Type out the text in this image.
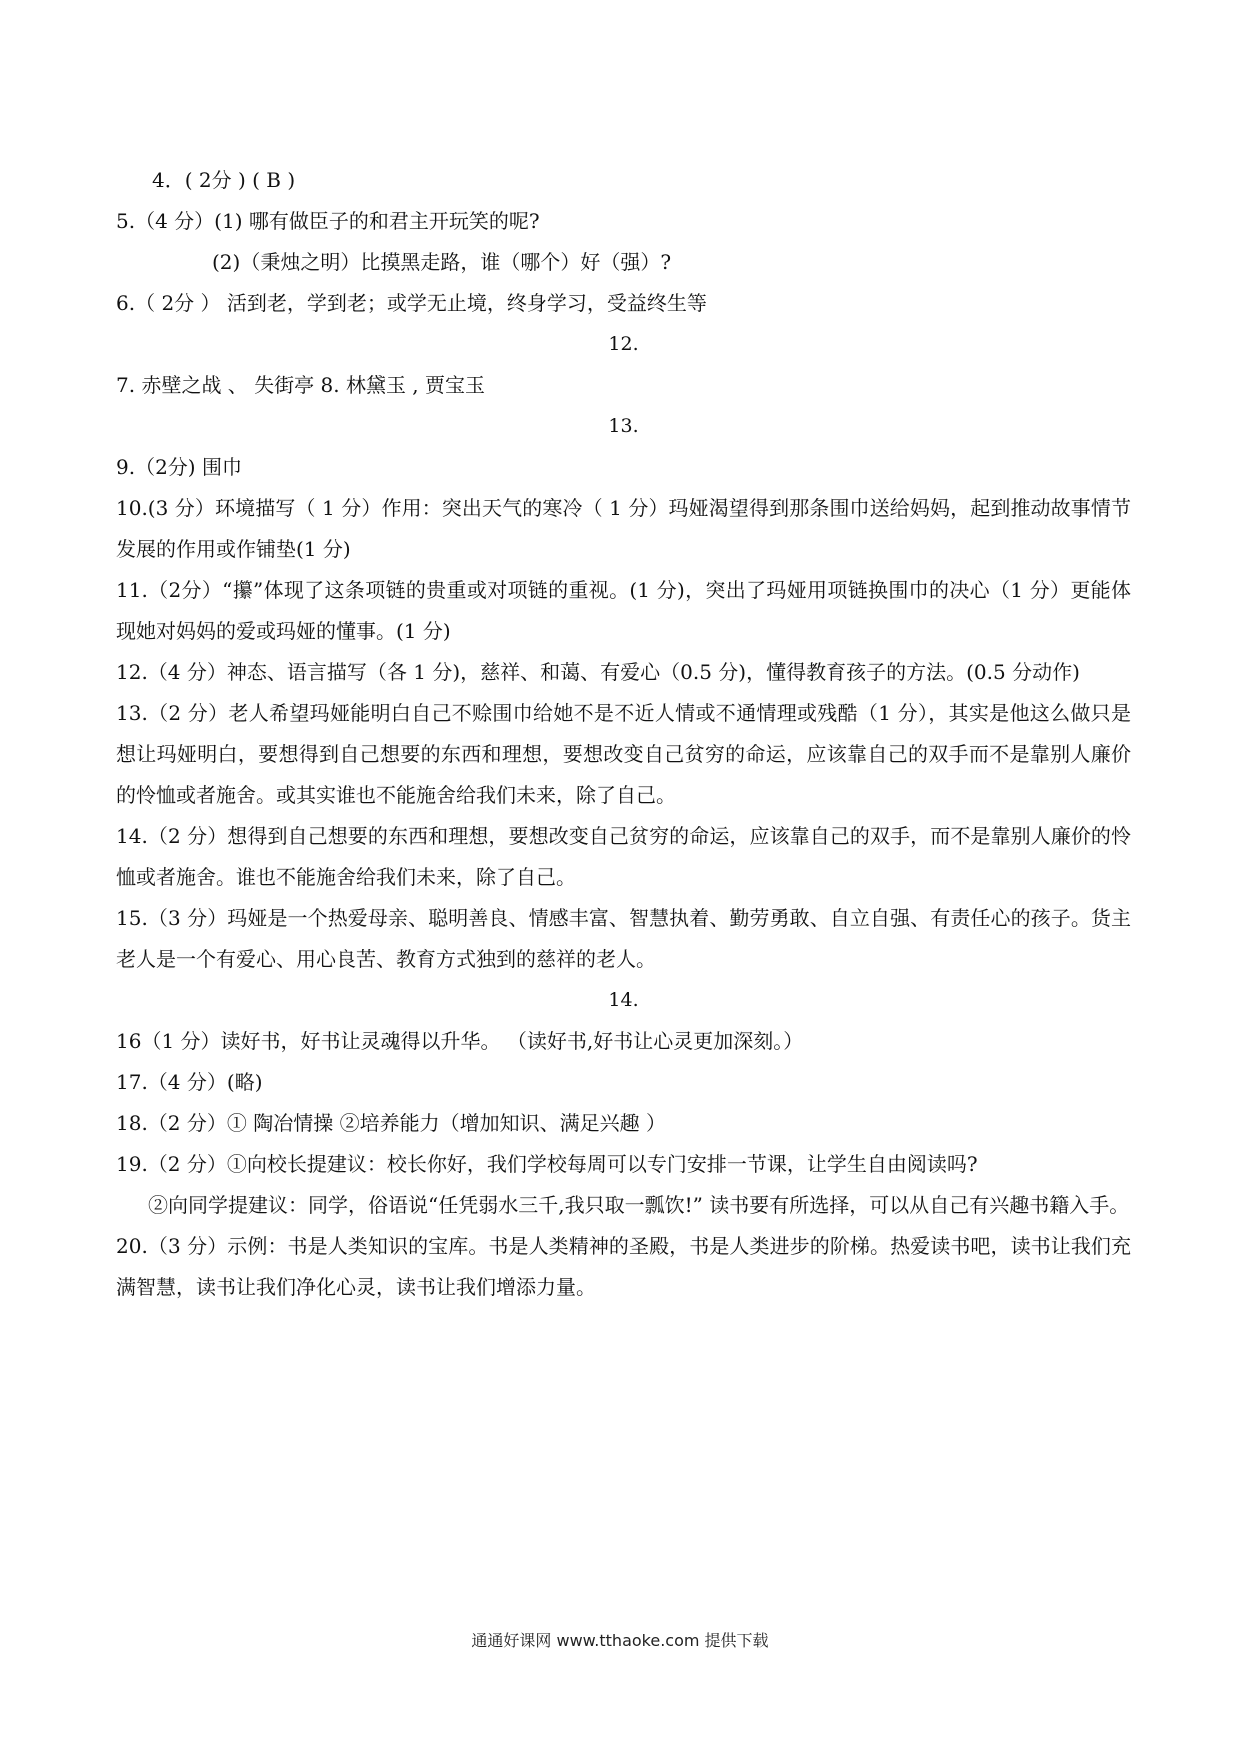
4．( 2分 ) ( B )
5.（4 分）(1) 哪有做臣子的和君主开玩笑的呢?
(2)（秉烛之明）比摸黑走路，谁（哪个）好（强）?
6.（ 2分 ） 活到老，学到老；或学无止境，终身学习，受益终生等
12.
7. 赤壁之战 、 失街亭 8. 林黛玉 , 贾宝玉
13.
9.（2分) 围巾
10.(3 分）环境描写（ 1 分）作用：突出天气的寒冷（ 1 分）玛娅渴望得到那条围巾送给妈妈，起到推动故事情节发展的作用或作铺垫(1 分)
11.（2分）“攥”体现了这条项链的贵重或对项链的重视。(1 分)，突出了玛娅用项链换围巾的决心（1 分）更能体现她对妈妈的爱或玛娅的懂事。(1 分)
12.（4 分）神态、语言描写（各 1 分)，慈祥、和蔼、有爱心（0.5 分)，懂得教育孩子的方法。(0.5 分动作)
13.（2 分）老人希望玛娅能明白自己不赊围巾给她不是不近人情或不通情理或残酷（1 分），其实是他这么做只是想让玛娅明白，要想得到自己想要的东西和理想，要想改变自己贫穷的命运，应该靠自己的双手而不是靠别人廉价的怜恤或者施舍。或其实谁也不能施舍给我们未来，除了自己。
14.（2 分）想得到自己想要的东西和理想，要想改变自己贫穷的命运，应该靠自己的双手，而不是靠别人廉价的怜恤或者施舍。谁也不能施舍给我们未来，除了自己。
15.（3 分）玛娅是一个热爱母亲、聪明善良、情感丰富、智慧执着、勤劳勇敢、自立自强、有责任心的孩子。货主老人是一个有爱心、用心良苦、教育方式独到的慈祥的老人。
14.
16（1 分）读好书，好书让灵魂得以升华。 （读好书,好书让心灵更加深刻。）
17.（4 分）(略)
18.（2 分）① 陶冶情操 ②培养能力（增加知识、满足兴趣 ）
19.（2 分）①向校长提建议：校长你好，我们学校每周可以专门安排一节课，让学生自由阅读吗?
②向同学提建议：同学，俗语说“任凭弱水三千,我只取一瓢饮!” 读书要有所选择，可以从自己有兴趣书籍入手。
20.（3 分）示例：书是人类知识的宝库。书是人类精神的圣殿，书是人类进步的阶梯。热爱读书吧，读书让我们充满智慧，读书让我们净化心灵，读书让我们增添力量。
通通好课网 www.tthaoke.com 提供下载
